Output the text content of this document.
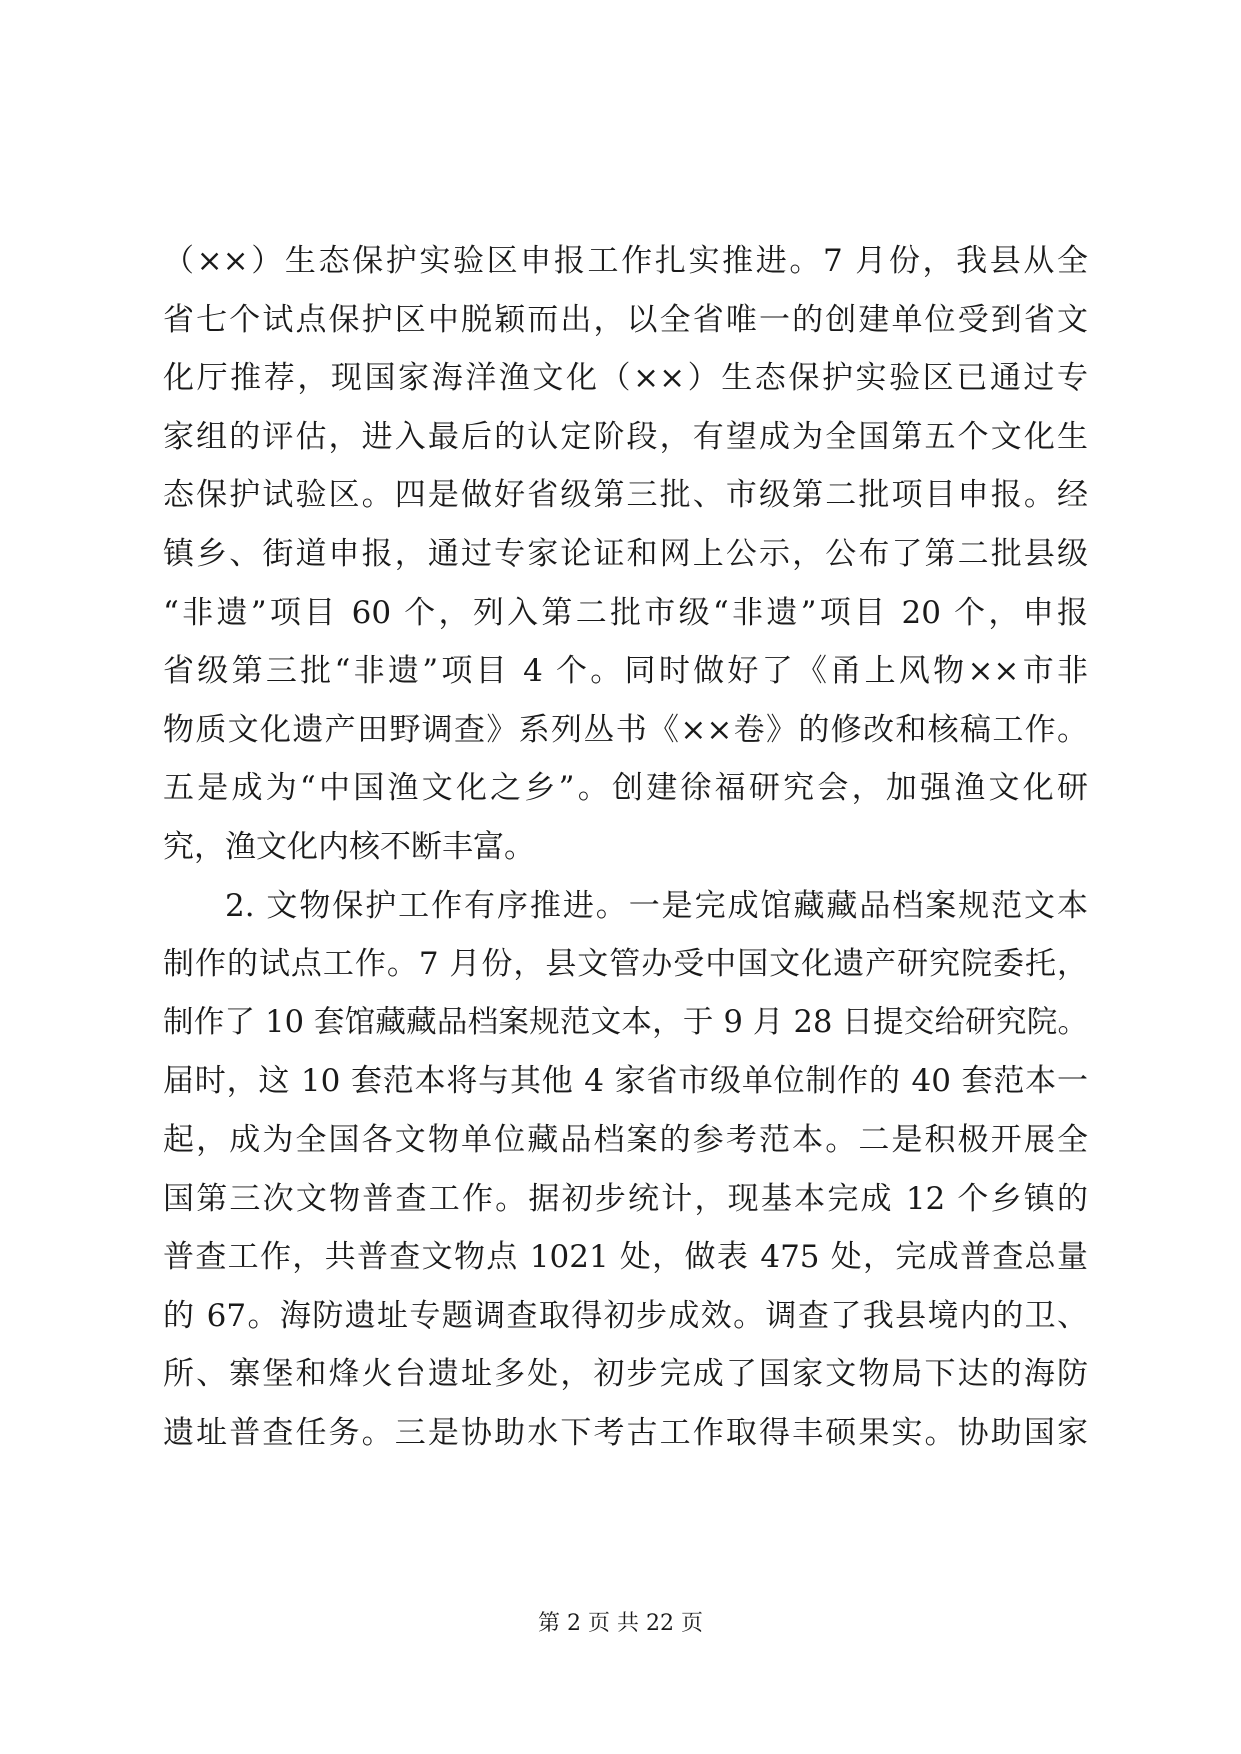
（××）生态保护实验区申报工作扎实推进。7 月份，我县从全
省七个试点保护区中脱颖而出，以全省唯一的创建单位受到省文
化厅推荐，现国家海洋渔文化（××）生态保护实验区已通过专
家组的评估，进入最后的认定阶段，有望成为全国第五个文化生
态保护试验区。四是做好省级第三批、市级第二批项目申报。经
镇乡、街道申报，通过专家论证和网上公示，公布了第二批县级
“非遗”项目 60 个，列入第二批市级“非遗”项目 20 个，申报
省级第三批“非遗”项目 4 个。同时做好了《甬上风物××市非
物质文化遗产田野调查》系列丛书《××卷》的修改和核稿工作。
五是成为“中国渔文化之乡”。创建徐福研究会，加强渔文化研
究，渔文化内核不断丰富。
2. 文物保护工作有序推进。一是完成馆藏藏品档案规范文本
制作的试点工作。7 月份，县文管办受中国文化遗产研究院委托，
制作了 10 套馆藏藏品档案规范文本，于 9 月 28 日提交给研究院。
届时，这 10 套范本将与其他 4 家省市级单位制作的 40 套范本一
起，成为全国各文物单位藏品档案的参考范本。二是积极开展全
国第三次文物普查工作。据初步统计，现基本完成 12 个乡镇的
普查工作，共普查文物点 1021 处，做表 475 处，完成普查总量
的 67。海防遗址专题调查取得初步成效。调查了我县境内的卫、
所、寨堡和烽火台遗址多处，初步完成了国家文物局下达的海防
遗址普查任务。三是协助水下考古工作取得丰硕果实。协助国家
第 2 页 共 22 页
